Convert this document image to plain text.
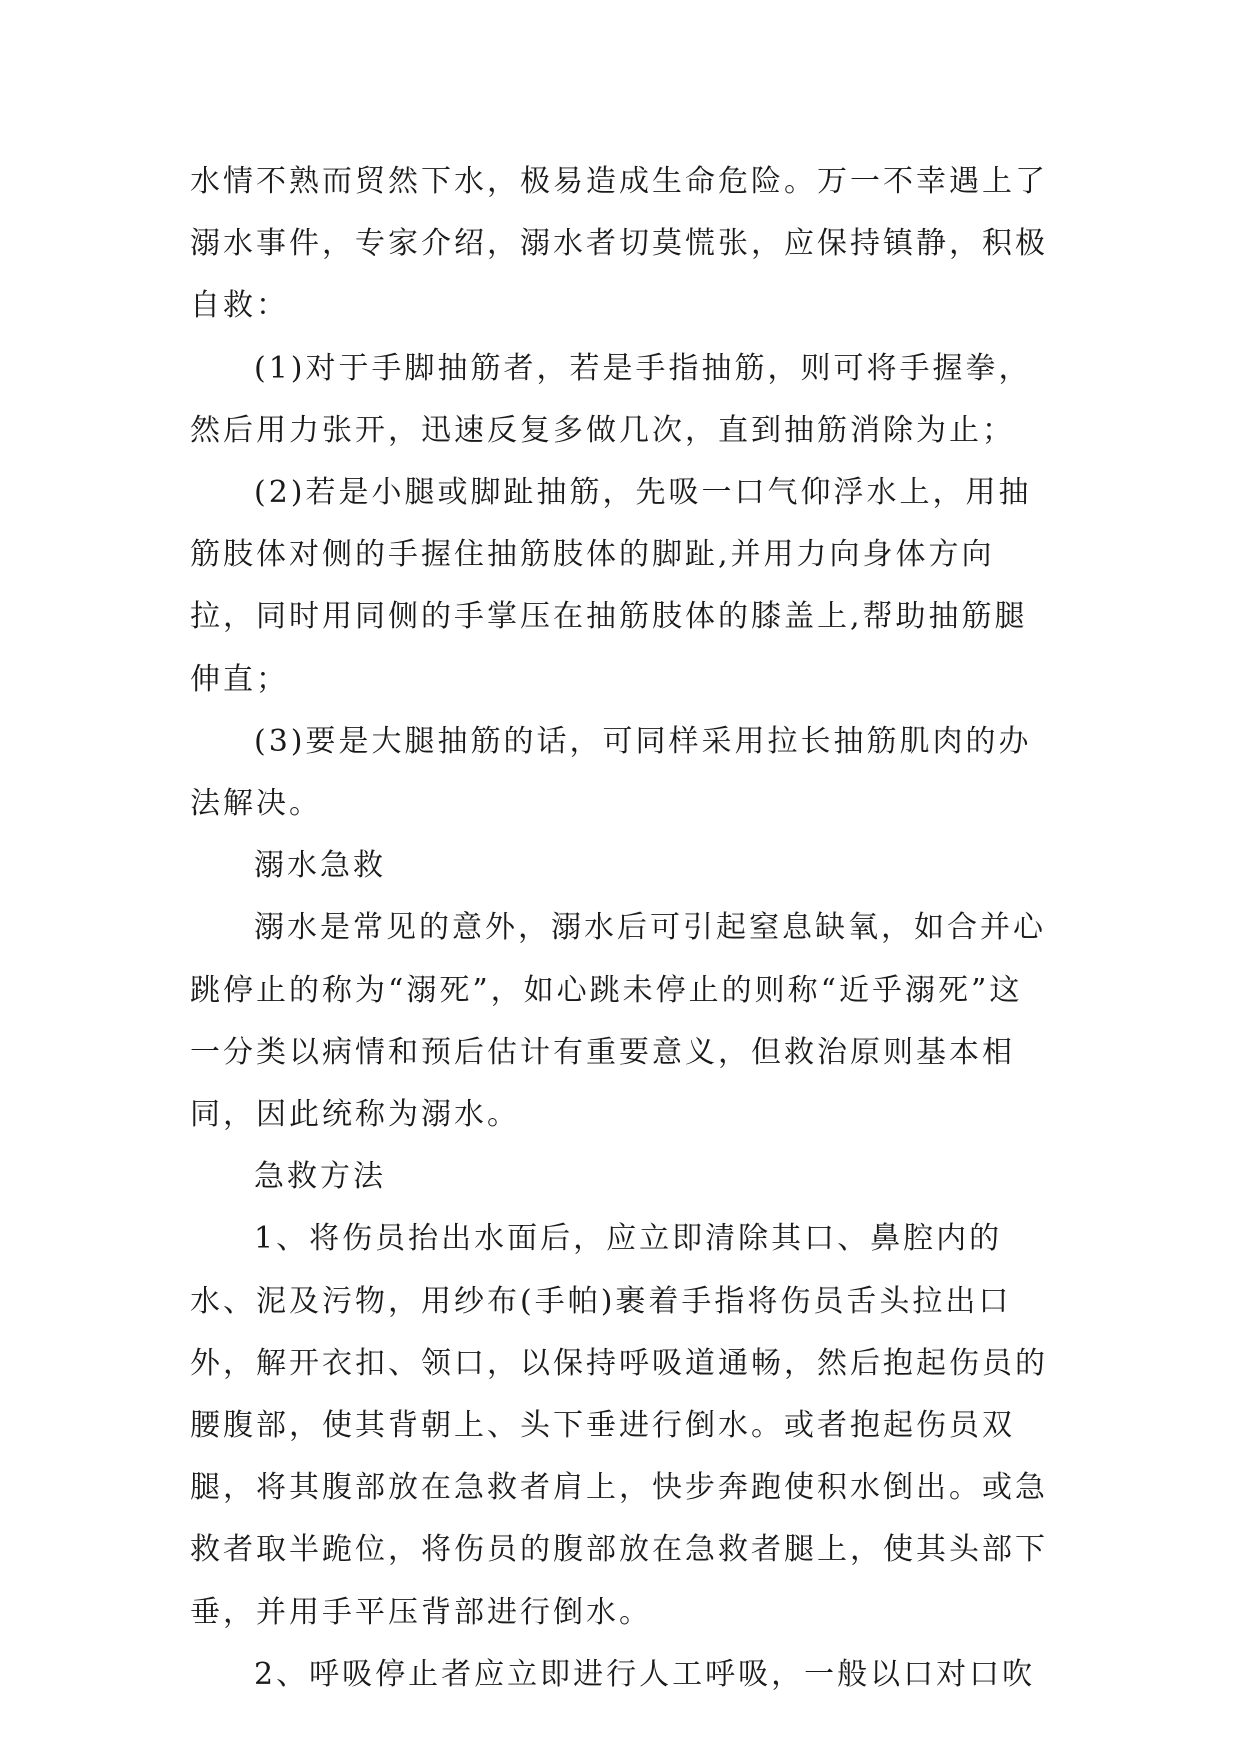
水情不熟而贸然下水，极易造成生命危险。万一不幸遇上了溺水事件，专家介绍，溺水者切莫慌张，应保持镇静，积极自救：

(1)对于手脚抽筋者，若是手指抽筋，则可将手握拳，然后用力张开，迅速反复多做几次，直到抽筋消除为止；

(2)若是小腿或脚趾抽筋，先吸一口气仰浮水上，用抽筋肢体对侧的手握住抽筋肢体的脚趾,并用力向身体方向拉，同时用同侧的手掌压在抽筋肢体的膝盖上,帮助抽筋腿伸直；

(3)要是大腿抽筋的话，可同样采用拉长抽筋肌肉的办法解决。

溺水急救

溺水是常见的意外，溺水后可引起窒息缺氧，如合并心跳停止的称为“溺死”，如心跳未停止的则称“近乎溺死”这一分类以病情和预后估计有重要意义，但救治原则基本相同，因此统称为溺水。

急救方法

1、将伤员抬出水面后，应立即清除其口、鼻腔内的水、泥及污物，用纱布(手帕)裹着手指将伤员舌头拉出口外，解开衣扣、领口，以保持呼吸道通畅，然后抱起伤员的腰腹部，使其背朝上、头下垂进行倒水。或者抱起伤员双腿，将其腹部放在急救者肩上，快步奔跑使积水倒出。或急救者取半跪位，将伤员的腹部放在急救者腿上，使其头部下垂，并用手平压背部进行倒水。

2、呼吸停止者应立即进行人工呼吸，一般以口对口吹
